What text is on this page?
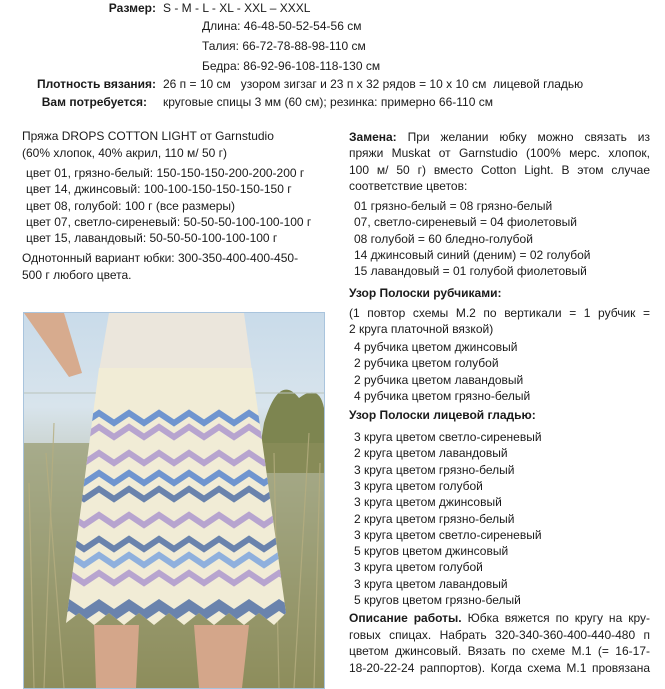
Размер: S - M - L - XL - XXL – XXXL
Длина: 46-48-50-52-54-56 см
Талия: 66-72-78-88-98-110 см
Бедра: 86-92-96-108-118-130 см
Плотность вязания: 26 п = 10 см   узором зигзаг и 23 п x 32 рядов = 10 x 10 см  лицевой гладью
Вам потребуется: круговые спицы 3 мм (60 см); резинка: примерно 66-110 см
Пряжа DROPS COTTON LIGHT от Garnstudio
(60% хлопок, 40% акрил, 110 м/ 50 г)
цвет 01, грязно-белый: 150-150-150-200-200-200 г
цвет 14, джинсовый: 100-100-150-150-150-150 г
цвет 08, голубой: 100 г (все размеры)
цвет 07, светло-сиреневый: 50-50-50-100-100-100 г
цвет 15, лавандовый: 50-50-50-100-100-100 г
Однотонный вариант юбки: 300-350-400-400-450-
500 г любого цвета.
Замена: При желании юбку можно связать из
пряжи Muskat от Garnstudio (100% мерс. хлопок,
100 м/ 50 г) вместо Cotton Light. В этом случае
соответствие цветов:
01 грязно-белый = 08 грязно-белый
07, светло-сиреневый = 04 фиолетовый
08 голубой = 60 бледно-голубой
14 джинсовый синий (деним) = 02 голубой
15 лавандовый = 01 голубой фиолетовый
Узор Полоски рубчиками:
(1 повтор схемы М.2 по вертикали = 1 рубчик =
2 круга платочной вязкой)
4 рубчика цветом джинсовый
2 рубчика цветом голубой
2 рубчика цветом лавандовый
4 рубчика цветом грязно-белый
Узор Полоски лицевой гладью:
3 круга цветом светло-сиреневый
2 круга цветом лавандовый
3 круга цветом грязно-белый
3 круга цветом голубой
3 круга цветом джинсовый
2 круга цветом грязно-белый
3 круга цветом светло-сиреневый
5 кругов цветом джинсовый
3 круга цветом голубой
3 круга цветом лавандовый
5 кругов цветом грязно-белый
Описание работы. Юбка вяжется по кругу на кру-
говых спицах. Набрать 320-340-360-400-440-480 п
цветом джинсовый. Вязать по схеме М.1 (= 16-17-
18-20-22-24 раппортов). Когда схема М.1 провязана
